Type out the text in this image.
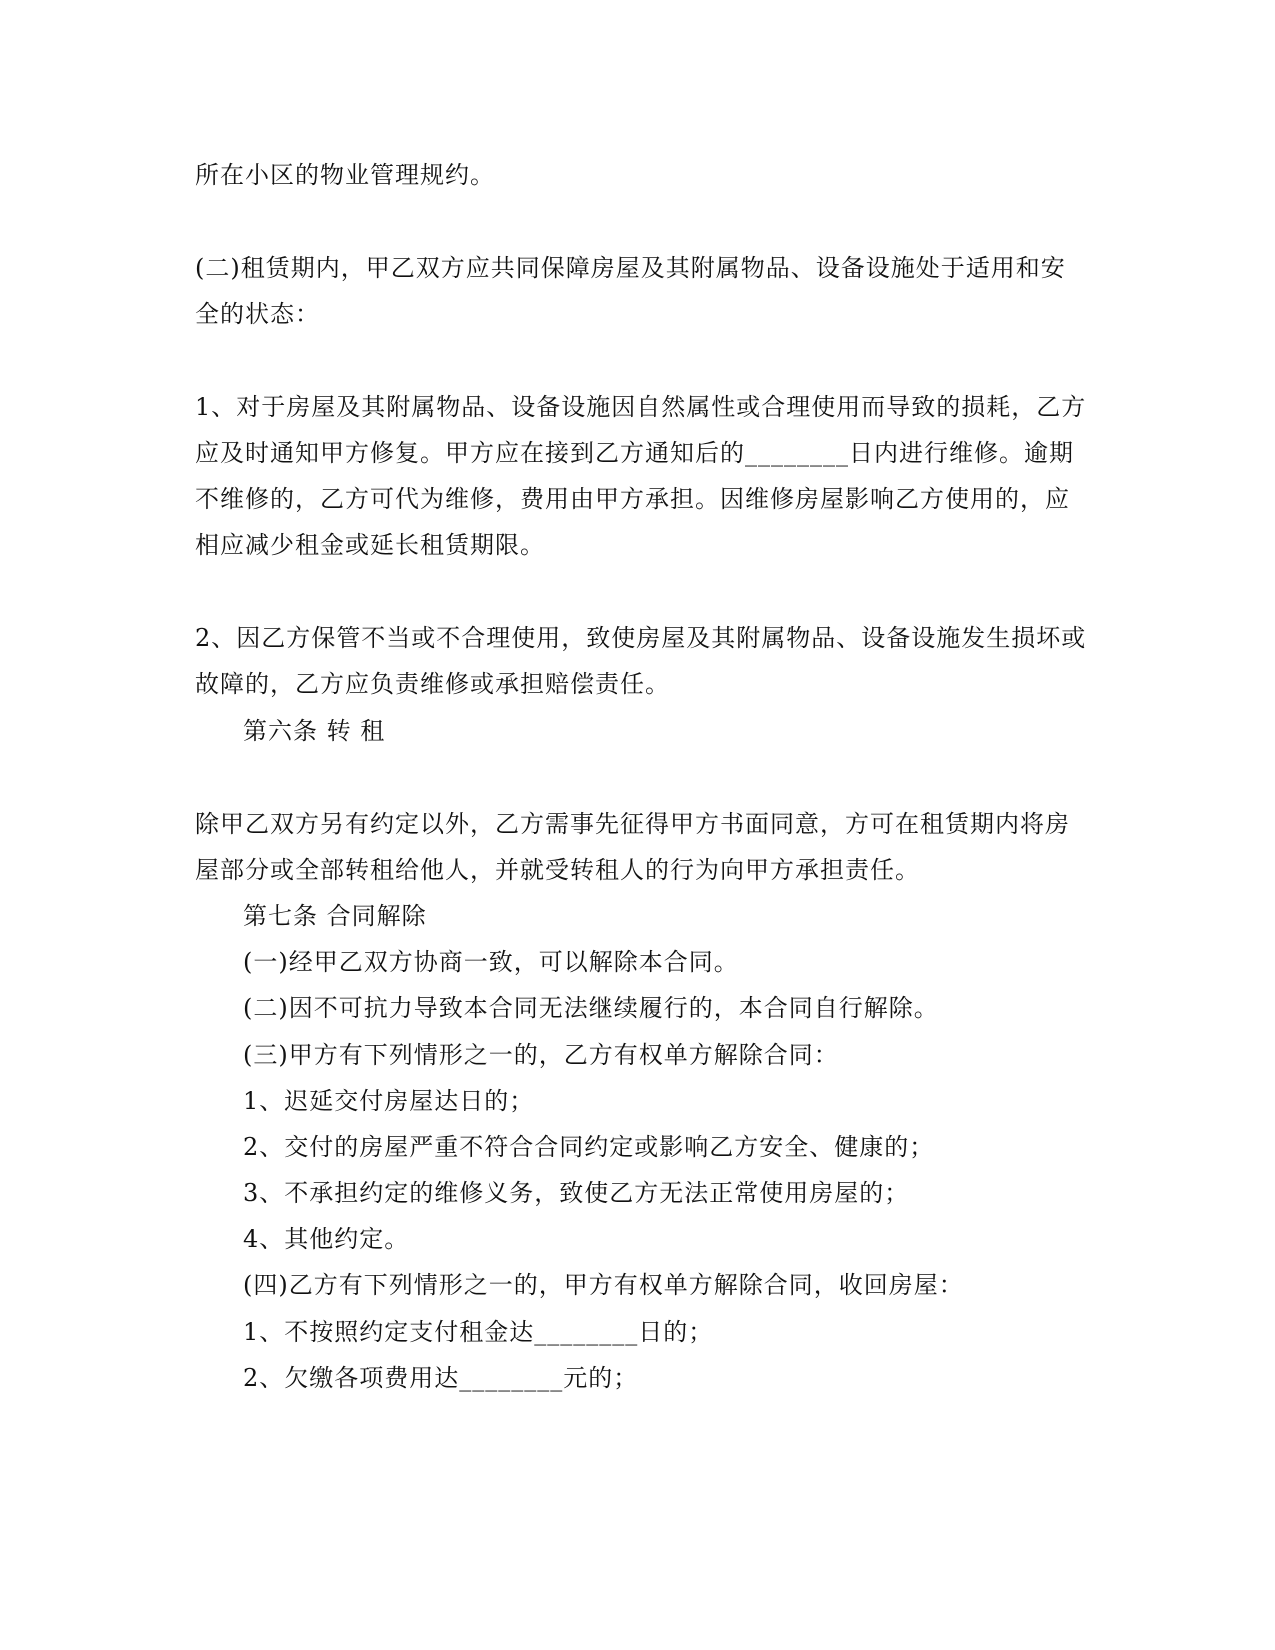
所在小区的物业管理规约。
(二)租赁期内，甲乙双方应共同保障房屋及其附属物品、设备设施处于适用和安
全的状态：
1、对于房屋及其附属物品、设备设施因自然属性或合理使用而导致的损耗，乙方
应及时通知甲方修复。甲方应在接到乙方通知后的________日内进行维修。逾期
不维修的，乙方可代为维修，费用由甲方承担。因维修房屋影响乙方使用的，应
相应减少租金或延长租赁期限。
2、因乙方保管不当或不合理使用，致使房屋及其附属物品、设备设施发生损坏或
故障的，乙方应负责维修或承担赔偿责任。
第六条 转 租
除甲乙双方另有约定以外，乙方需事先征得甲方书面同意，方可在租赁期内将房
屋部分或全部转租给他人，并就受转租人的行为向甲方承担责任。
第七条 合同解除
(一)经甲乙双方协商一致，可以解除本合同。
(二)因不可抗力导致本合同无法继续履行的，本合同自行解除。
(三)甲方有下列情形之一的，乙方有权单方解除合同：
1、迟延交付房屋达日的；
2、交付的房屋严重不符合合同约定或影响乙方安全、健康的；
3、不承担约定的维修义务，致使乙方无法正常使用房屋的；
4、其他约定。
(四)乙方有下列情形之一的，甲方有权单方解除合同，收回房屋：
1、不按照约定支付租金达________日的；
2、欠缴各项费用达________元的；
